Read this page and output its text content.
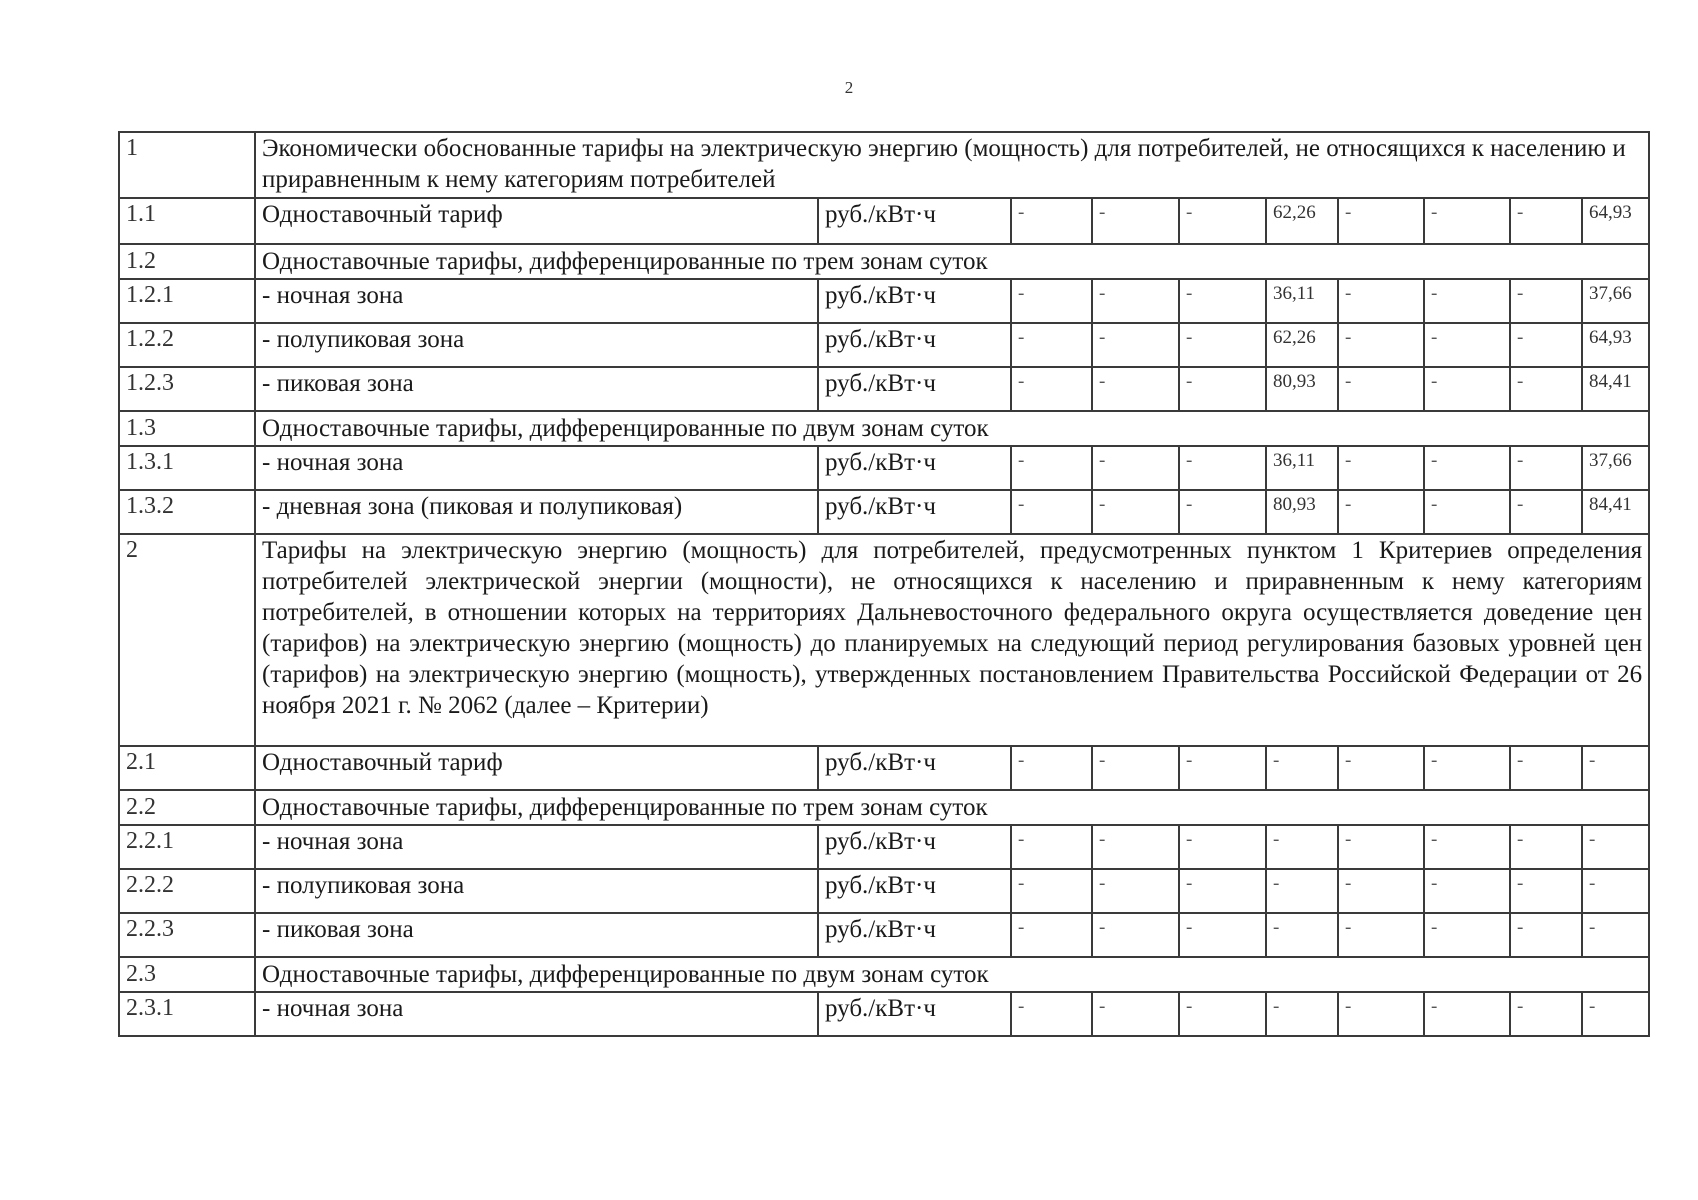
2
1	Экономически обоснованные тарифы на электрическую энергию (мощность) для потребителей, не относящихся к населению и приравненным к нему категориям потребителей									
1.1	Одноставочный тариф	руб./кВт·ч	-	-	-	62,26	-	-	-	64,93
1.2	Одноставочные тарифы, дифференцированные по трем зонам суток									
1.2.1	- ночная зона	руб./кВт·ч	-	-	-	36,11	-	-	-	37,66
1.2.2	- полупиковая зона	руб./кВт·ч	-	-	-	62,26	-	-	-	64,93
1.2.3	- пиковая зона	руб./кВт·ч	-	-	-	80,93	-	-	-	84,41
1.3	Одноставочные тарифы, дифференцированные по двум зонам суток									
1.3.1	- ночная зона	руб./кВт·ч	-	-	-	36,11	-	-	-	37,66
1.3.2	- дневная зона (пиковая и полупиковая)	руб./кВт·ч	-	-	-	80,93	-	-	-	84,41
2	Тарифы на электрическую энергию (мощность) для потребителей, предусмотренных пунктом 1 Критериев определения потребителей электрической энергии (мощности), не относящихся к населению и приравненным к нему категориям потребителей, в отношении которых на территориях Дальневосточного федерального округа осуществляется доведение цен (тарифов) на электрическую энергию (мощность) до планируемых на следующий период регулирования базовых уровней цен (тарифов) на электрическую энергию (мощность), утвержденных постановлением Правительства Российской Федерации от 26 ноября 2021 г. № 2062 (далее – Критерии)									
2.1	Одноставочный тариф	руб./кВт·ч	-	-	-	-	-	-	-	-
2.2	Одноставочные тарифы, дифференцированные по трем зонам суток									
2.2.1	- ночная зона	руб./кВт·ч	-	-	-	-	-	-	-	-
2.2.2	- полупиковая зона	руб./кВт·ч	-	-	-	-	-	-	-	-
2.2.3	- пиковая зона	руб./кВт·ч	-	-	-	-	-	-	-	-
2.3	Одноставочные тарифы, дифференцированные по двум зонам суток									
2.3.1	- ночная зона	руб./кВт·ч	-	-	-	-	-	-	-	-
